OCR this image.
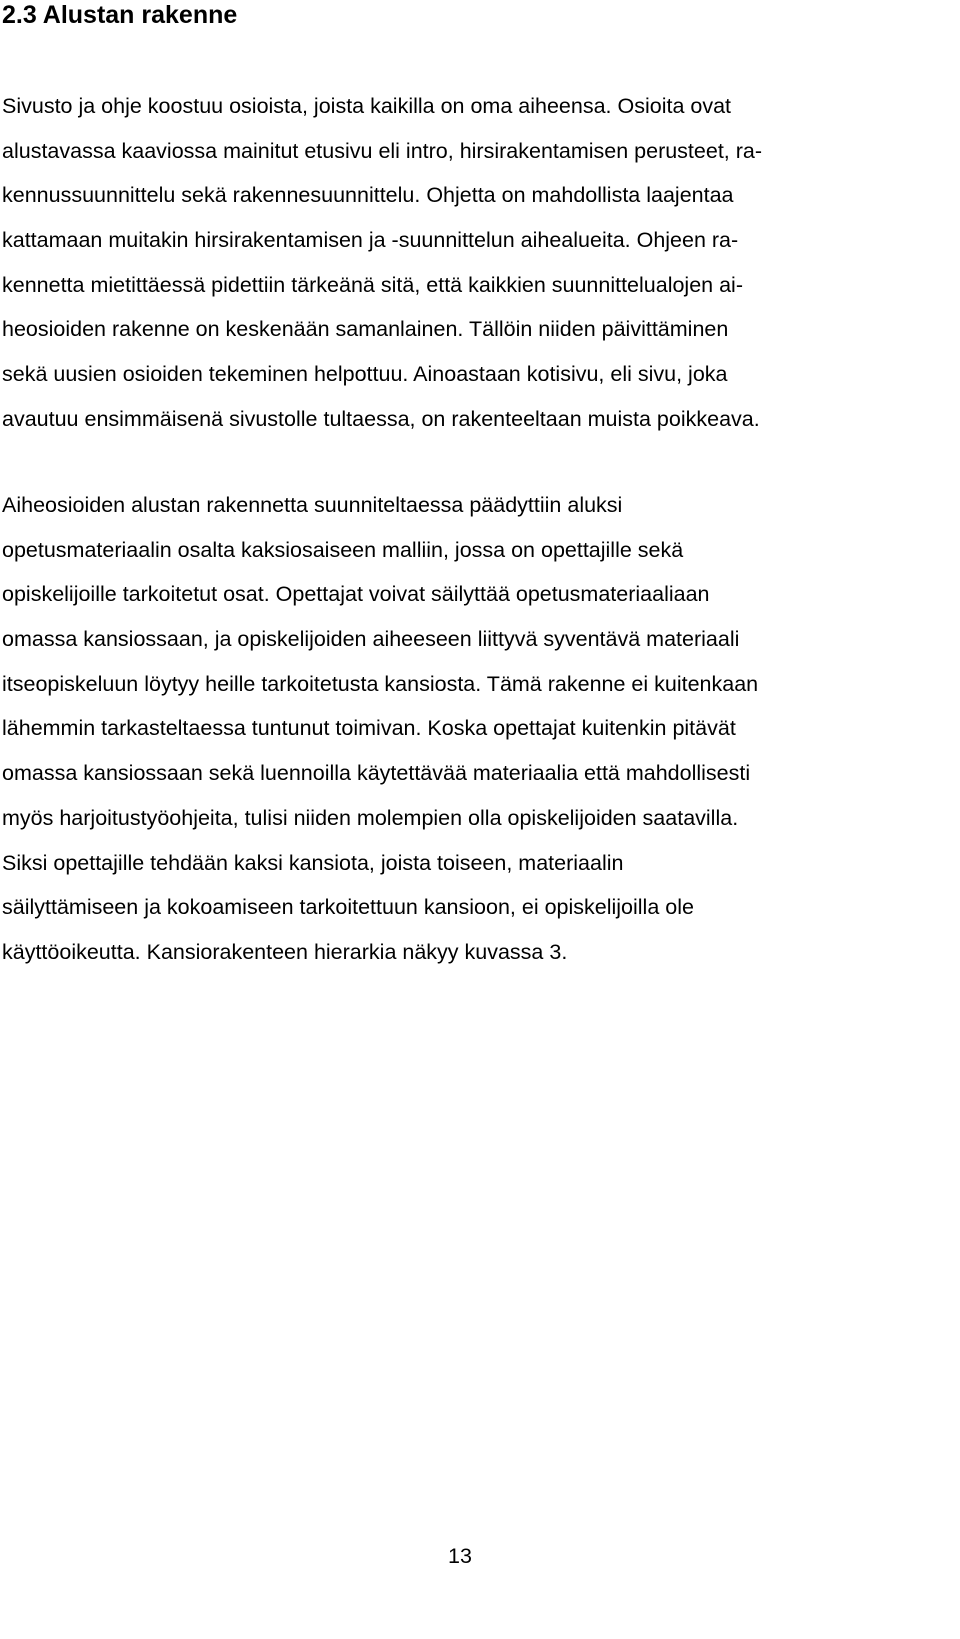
2.3 Alustan rakenne
Sivusto ja ohje koostuu osioista, joista kaikilla on oma aiheensa. Osioita ovat
alustavassa kaaviossa mainitut etusivu eli intro, hirsirakentamisen perusteet, ra-
kennussuunnittelu sekä rakennesuunnittelu. Ohjetta on mahdollista laajentaa
kattamaan muitakin hirsirakentamisen ja -suunnittelun aihealueita. Ohjeen ra-
kennetta mietittäessä pidettiin tärkeänä sitä, että kaikkien suunnittelualojen ai-
heosioiden rakenne on keskenään samanlainen. Tällöin niiden päivittäminen
sekä uusien osioiden tekeminen helpottuu. Ainoastaan kotisivu, eli sivu, joka
avautuu ensimmäisenä sivustolle tultaessa, on rakenteeltaan muista poikkeava.
Aiheosioiden alustan rakennetta suunniteltaessa päädyttiin aluksi
opetusmateriaalin osalta kaksiosaiseen malliin, jossa on opettajille sekä
opiskelijoille tarkoitetut osat. Opettajat voivat säilyttää opetusmateriaaliaan
omassa kansiossaan, ja opiskelijoiden aiheeseen liittyvä syventävä materiaali
itseopiskeluun löytyy heille tarkoitetusta kansiosta. Tämä rakenne ei kuitenkaan
lähemmin tarkasteltaessa tuntunut toimivan. Koska opettajat kuitenkin pitävät
omassa kansiossaan sekä luennoilla käytettävää materiaalia että mahdollisesti
myös harjoitustyöohjeita, tulisi niiden molempien olla opiskelijoiden saatavilla.
Siksi opettajille tehdään kaksi kansiota, joista toiseen, materiaalin
säilyttämiseen ja kokoamiseen tarkoitettuun kansioon, ei opiskelijoilla ole
käyttöoikeutta. Kansiorakenteen hierarkia näkyy kuvassa 3.
13
